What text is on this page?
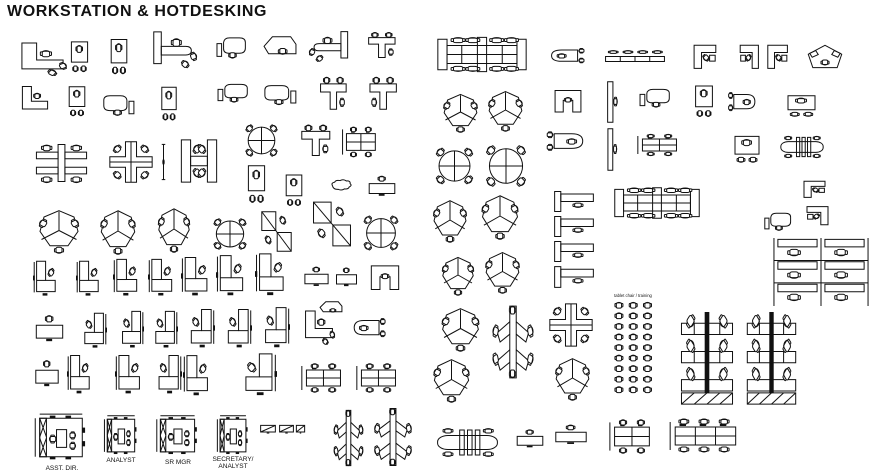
WORKSTATION & HOTDESKING
ASST. DIR.
ANALYST	SR MGR	SECRETARY/
ANALYST
tablet chair / training
